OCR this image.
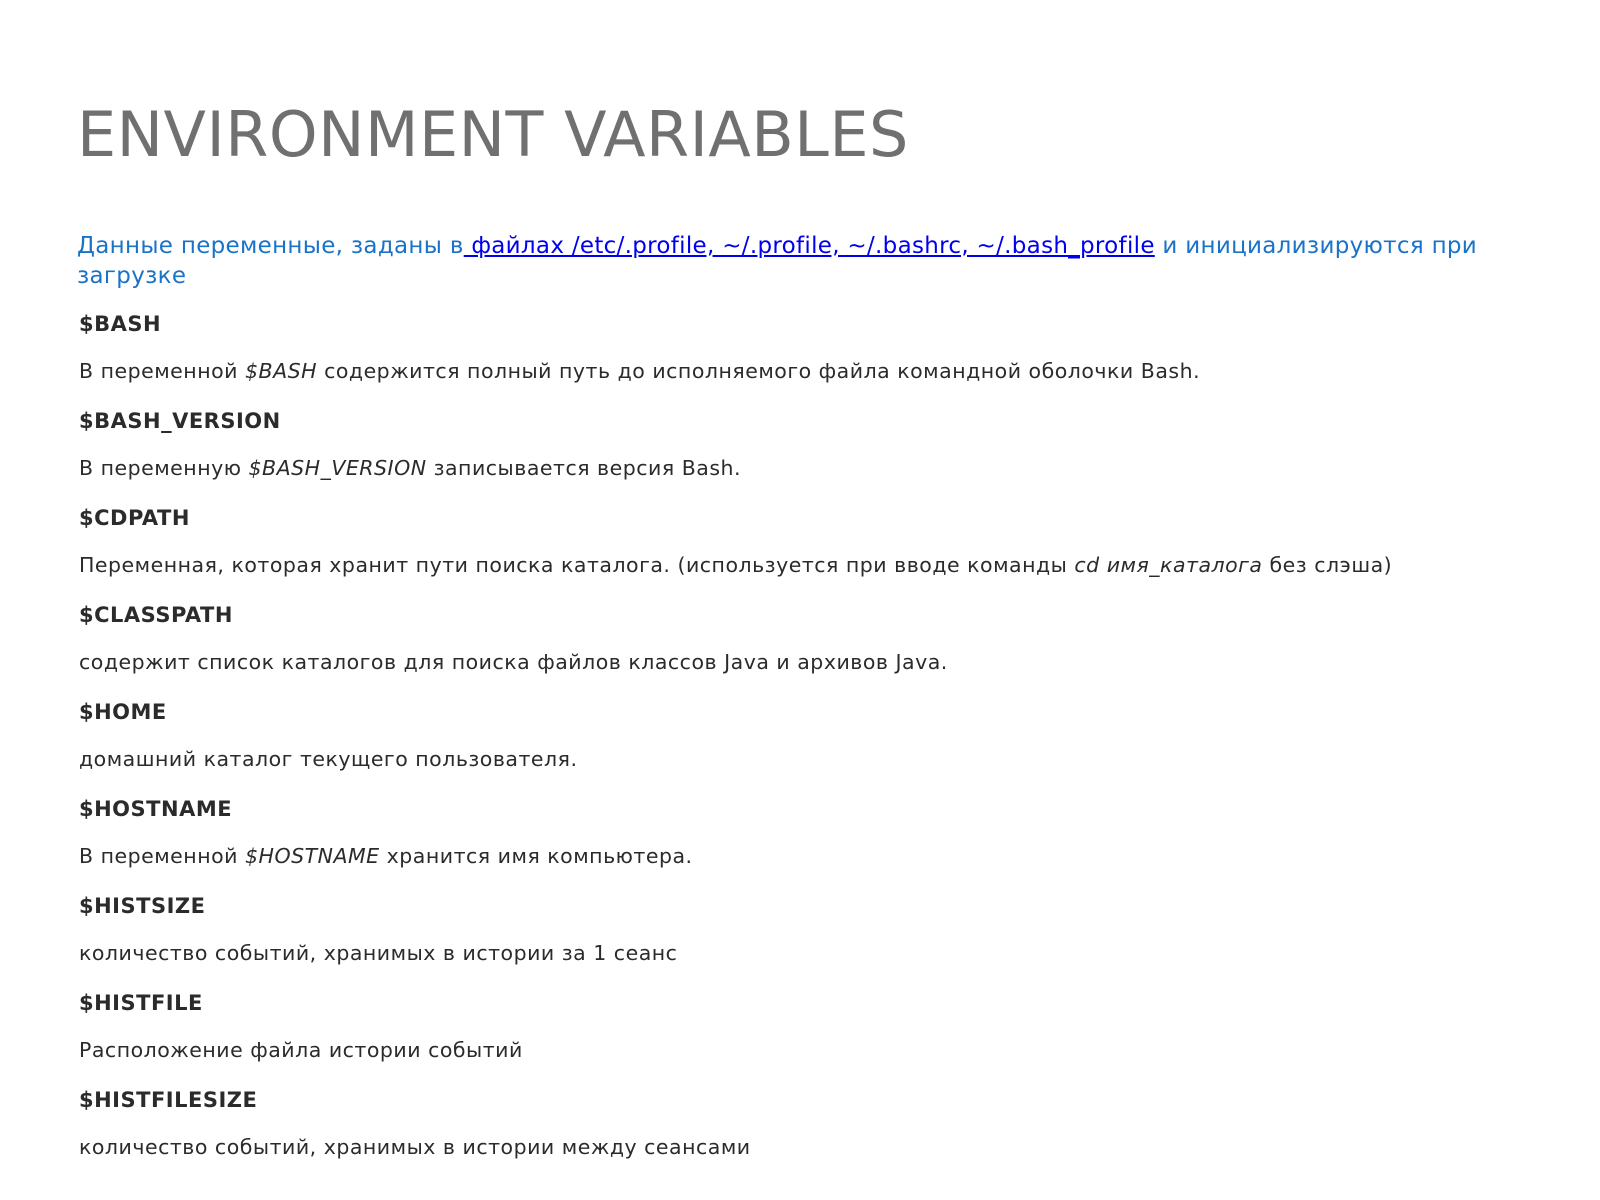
ENVIRONMENT VARIABLES

Данные переменные, заданы в файлах /etc/.profile, ~/.profile, ~/.bashrc, ~/.bash_profile и инициализируются при загрузке

$BASH

В переменной $BASH содержится полный путь до исполняемого файла командной оболочки Bash.

$BASH_VERSION

В переменную $BASH_VERSION записывается версия Bash.

$CDPATH

Переменная, которая хранит пути поиска каталога. (используется при вводе команды cd имя_каталога без слэша)

$CLASSPATH

содержит список каталогов для поиска файлов классов Java и архивов Java.

$HOME

домашний каталог текущего пользователя.

$HOSTNAME

В переменной $HOSTNAME хранится имя компьютера.

$HISTSIZE

количество событий, хранимых в истории за 1 сеанс

$HISTFILE

Расположение файла истории событий

$HISTFILESIZE

количество событий, хранимых в истории между сеансами
